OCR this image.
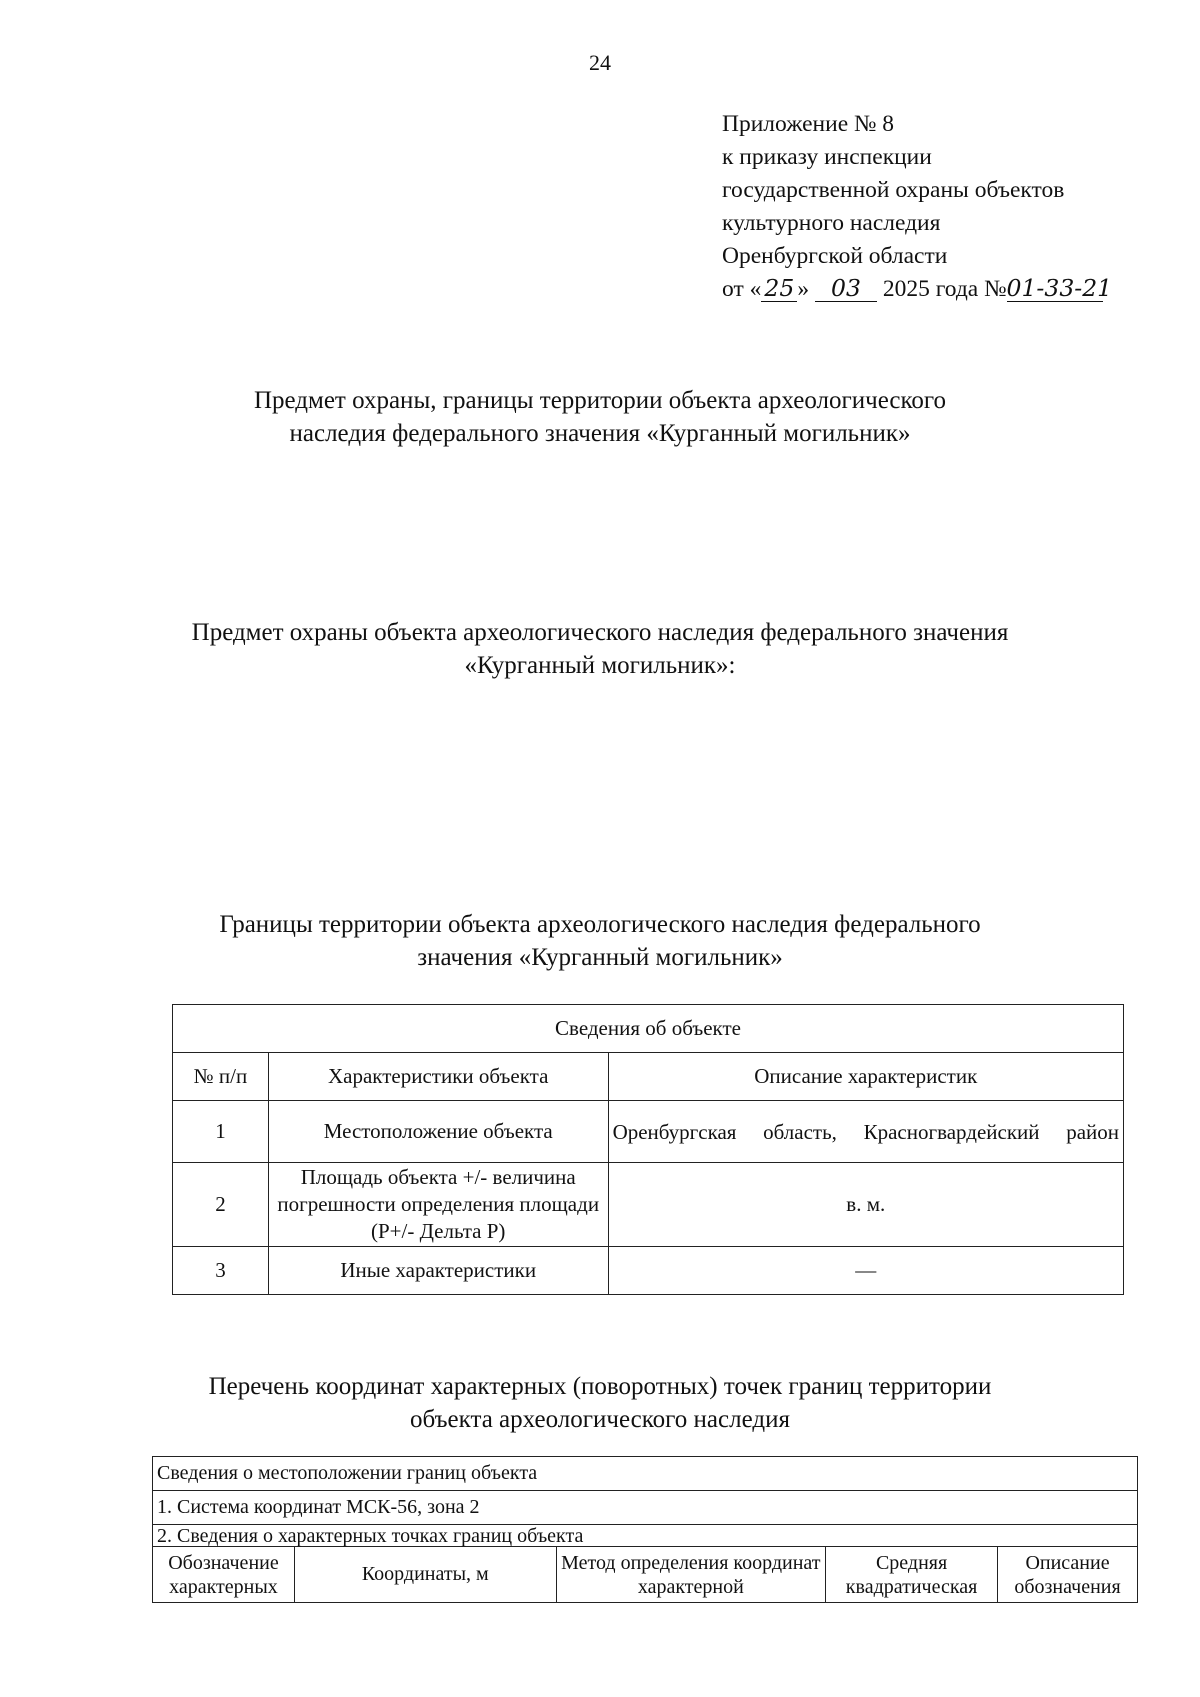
24
Приложение № 8
к приказу инспекции
государственной охраны объектов
культурного наследия
Оренбургской области
от « 25 » 03 2025 года №01-33-21
Предмет охраны, границы территории объекта археологического
наследия федерального значения «Курганный могильник»
Предмет охраны объекта археологического наследия федерального значения
«Курганный могильник»:
Границы территории объекта археологического наследия федерального
значения «Курганный могильник»
Сведения об объекте		
№ п/п	Характеристики объекта	Описание характеристик
1	Местоположение объекта	Оренбургская область, Красногвардейский район
2	Площадь объекта +/- величина погрешности определения площади (Р+/- Дельта Р)	в. м.
3	Иные характеристики	—
Перечень координат характерных (поворотных) точек границ территории
объекта археологического наследия
Сведения о местоположении границ объекта
1. Система координат МСК-56, зона 2
2. Сведения о характерных точках границ объекта
Обозначение характерных	Координаты, м	Метод определения координат характерной	Средняя квадратическая	Описание обозначения
